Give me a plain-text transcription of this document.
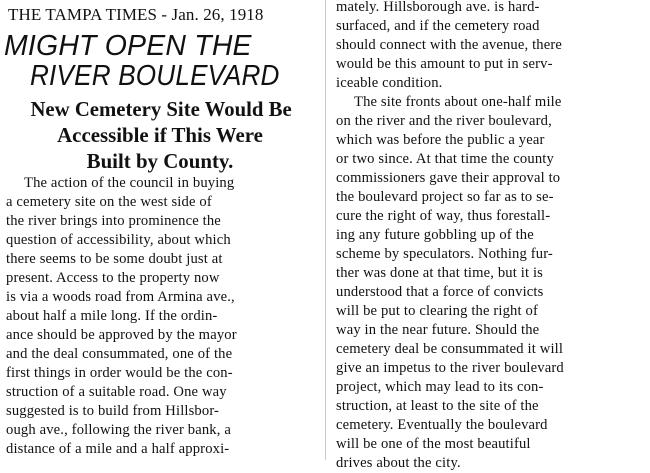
THE TAMPA TIMES - Jan. 26, 1918
MIGHT OPEN THE
RIVER BOULEVARD
New Cemetery Site Would Be
Accessible if This Were
Built by County.
The action of the council in buying
a cemetery site on the west side of
the river brings into prominence the
question of accessibility, about which
there seems to be some doubt just at
present. Access to the property now
is via a woods road from Armina ave.,
about half a mile long. If the ordin-
ance should be approved by the mayor
and the deal consummated, one of the
first things in order would be the con-
struction of a suitable road. One way
suggested is to build from Hillsbor-
ough ave., following the river bank, a
distance of a mile and a half approxi-
mately. Hillsborough ave. is hard-
surfaced, and if the cemetery road
should connect with the avenue, there
would be this amount to put in serv-
iceable condition.
The site fronts about one-half mile
on the river and the river boulevard,
which was before the public a year
or two since. At that time the county
commissioners gave their approval to
the boulevard project so far as to se-
cure the right of way, thus forestall-
ing any future gobbling up of the
scheme by speculators. Nothing fur-
ther was done at that time, but it is
understood that a force of convicts
will be put to clearing the right of
way in the near future. Should the
cemetery deal be consummated it will
give an impetus to the river boulevard
project, which may lead to its con-
struction, at least to the site of the
cemetery. Eventually the boulevard
will be one of the most beautiful
drives about the city.
